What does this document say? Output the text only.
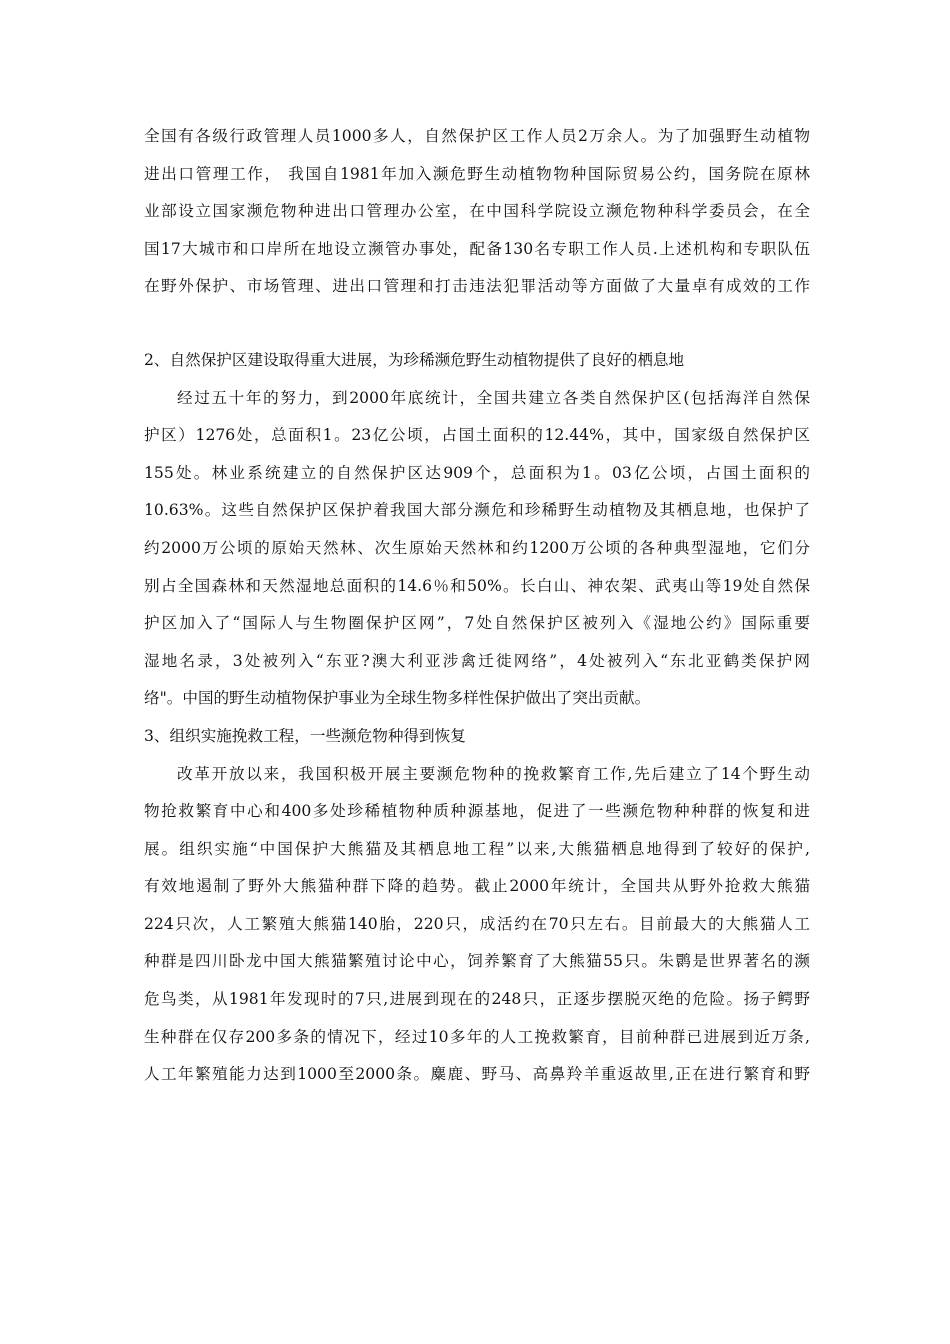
全国有各级行政管理人员1000多人，自然保护区工作人员2万余人。为了加强野生动植物
进出口管理工作， 我国自1981年加入濒危野生动植物物种国际贸易公约，国务院在原林
业部设立国家濒危物种进出口管理办公室，在中国科学院设立濒危物种科学委员会，在全
国17大城市和口岸所在地设立濒管办事处，配备130名专职工作人员.上述机构和专职队伍
在野外保护、市场管理、进出口管理和打击违法犯罪活动等方面做了大量卓有成效的工作
2、自然保护区建设取得重大进展，为珍稀濒危野生动植物提供了良好的栖息地
经过五十年的努力，到2000年底统计，全国共建立各类自然保护区(包括海洋自然保
护区）1276处，总面积1。23亿公顷，占国土面积的12.44%，其中，国家级自然保护区
155处。林业系统建立的自然保护区达909个，总面积为1。03亿公顷，占国土面积的
10.63%。这些自然保护区保护着我国大部分濒危和珍稀野生动植物及其栖息地，也保护了
约2000万公顷的原始天然林、次生原始天然林和约1200万公顷的各种典型湿地，它们分
别占全国森林和天然湿地总面积的14.6％和50%。长白山、神农架、武夷山等19处自然保
护区加入了“国际人与生物圈保护区网”，7处自然保护区被列入《湿地公约》国际重要
湿地名录，3处被列入“东亚?澳大利亚涉禽迁徙网络”，4处被列入“东北亚鹤类保护网
络"。中国的野生动植物保护事业为全球生物多样性保护做出了突出贡献。
3、组织实施挽救工程，一些濒危物种得到恢复
改革开放以来，我国积极开展主要濒危物种的挽救繁育工作,先后建立了14个野生动
物抢救繁育中心和400多处珍稀植物种质种源基地，促进了一些濒危物种种群的恢复和进
展。组织实施“中国保护大熊猫及其栖息地工程”以来,大熊猫栖息地得到了较好的保护,
有效地遏制了野外大熊猫种群下降的趋势。截止2000年统计，全国共从野外抢救大熊猫
224只次，人工繁殖大熊猫140胎，220只，成活约在70只左右。目前最大的大熊猫人工
种群是四川卧龙中国大熊猫繁殖讨论中心，饲养繁育了大熊猫55只。朱鹮是世界著名的濒
危鸟类，从1981年发现时的7只,进展到现在的248只，正逐步摆脱灭绝的危险。扬子鳄野
生种群在仅存200多条的情况下，经过10多年的人工挽救繁育，目前种群已进展到近万条,
人工年繁殖能力达到1000至2000条。麋鹿、野马、高鼻羚羊重返故里,正在进行繁育和野
